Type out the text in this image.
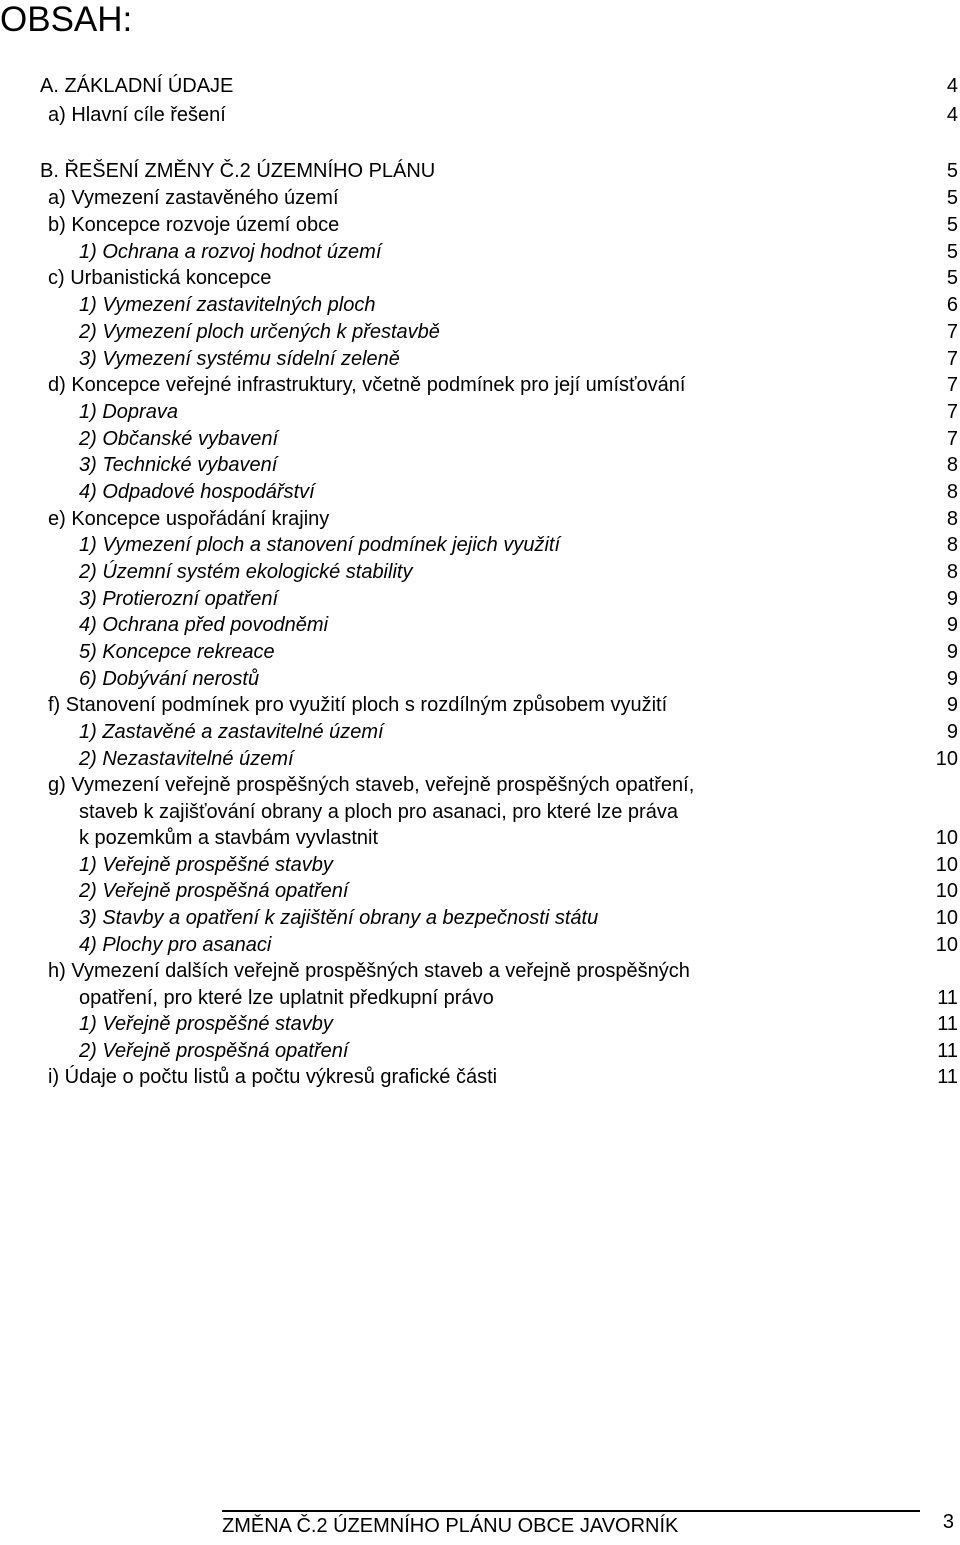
OBSAH:
A. ZÁKLADNÍ ÚDAJE	4
a) Hlavní cíle řešení	4
B. ŘEŠENÍ ZMĚNY Č.2 ÚZEMNÍHO PLÁNU	5
a) Vymezení zastavěného území	5
b) Koncepce rozvoje území obce	5
1) Ochrana a rozvoj hodnot území	5
c) Urbanistická koncepce	5
1) Vymezení zastavitelných ploch	6
2) Vymezení ploch určených k přestavbě	7
3) Vymezení systému sídelní zeleně	7
d) Koncepce veřejné infrastruktury, včetně podmínek pro její umísťování	7
1) Doprava	7
2) Občanské vybavení	7
3) Technické vybavení	8
4) Odpadové hospodářství	8
e) Koncepce uspořádání krajiny	8
1) Vymezení ploch a stanovení podmínek jejich využití	8
2) Územní systém ekologické stability	8
3) Protierozní opatření	9
4) Ochrana před povodněmi	9
5) Koncepce rekreace	9
6) Dobývání nerostů	9
f) Stanovení podmínek pro využití ploch s rozdílným způsobem využití	9
1) Zastavěné a zastavitelné území	9
2) Nezastavitelné území	10
g) Vymezení veřejně prospěšných staveb, veřejně prospěšných opatření,
staveb k zajišťování obrany a ploch pro asanaci, pro které lze práva
k pozemkům a stavbám vyvlastnit	10
1) Veřejně prospěšné stavby	10
2) Veřejně prospěšná opatření	10
3) Stavby a opatření k zajištění obrany a bezpečnosti státu	10
4) Plochy pro asanaci	10
h) Vymezení dalších veřejně prospěšných staveb a veřejně prospěšných
opatření, pro které lze uplatnit předkupní právo	11
1) Veřejně prospěšné stavby	11
2) Veřejně prospěšná opatření	11
i) Údaje o počtu listů a počtu výkresů grafické části	11
ZMĚNA Č.2 ÚZEMNÍHO PLÁNU OBCE JAVORNÍK	3
